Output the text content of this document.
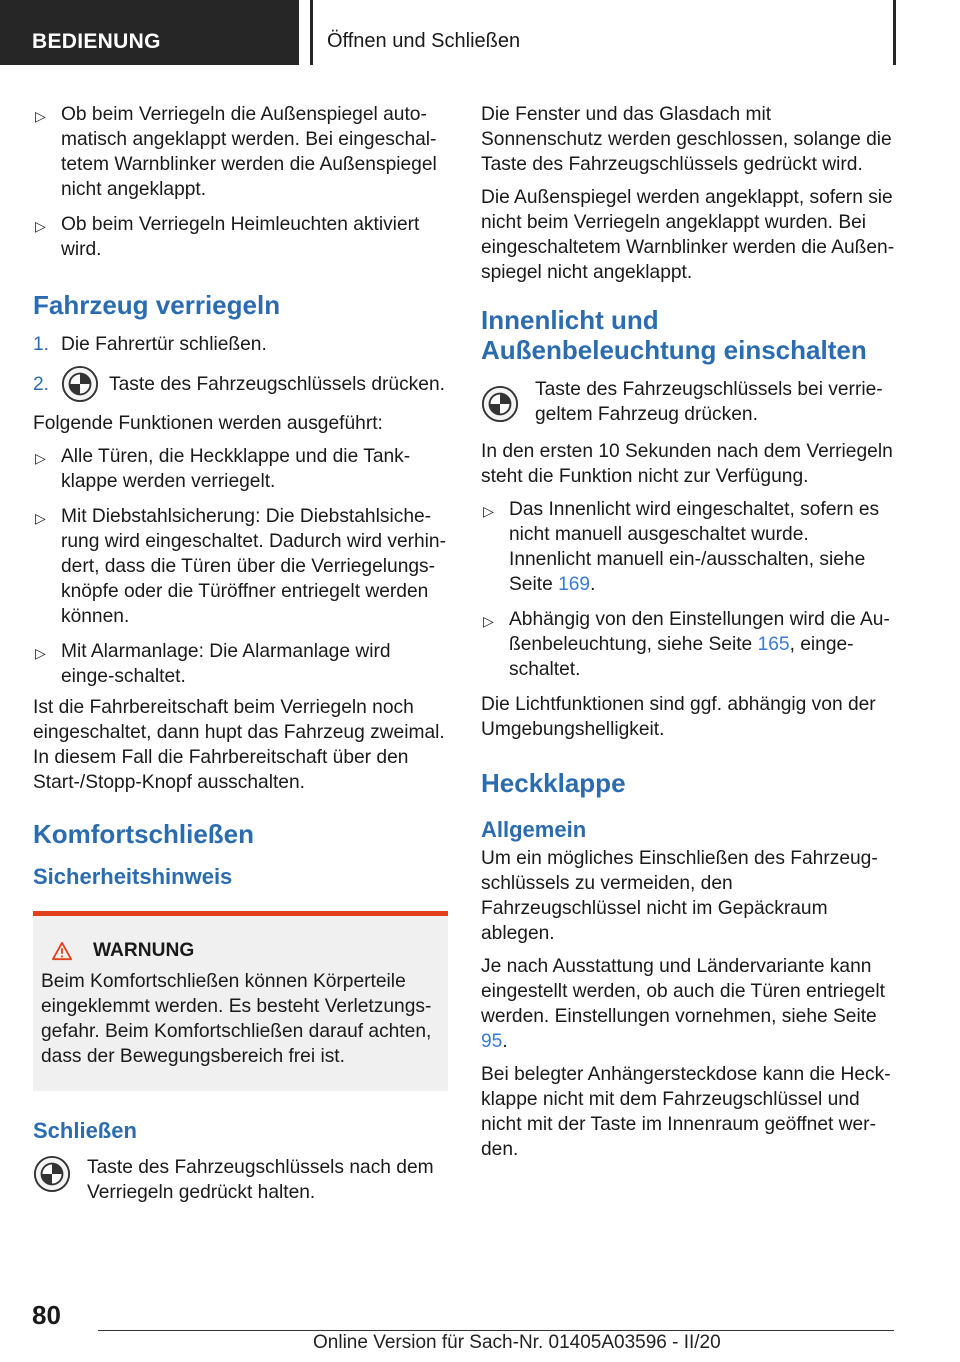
BEDIENUNG	Öffnen und Schließen
▷ Ob beim Verriegeln die Außenspiegel auto-matisch angeklappt werden. Bei eingeschal-tetem Warnblinker werden die Außenspiegel nicht angeklappt.
▷ Ob beim Verriegeln Heimleuchten aktiviert wird.
Fahrzeug verriegeln
1. Die Fahrertür schließen.
2.	Taste des Fahrzeugschlüssels drücken.

Folgende Funktionen werden ausgeführt:

▷ Alle Türen, die Heckklappe und die Tank-klappe werden verriegelt.
▷ Mit Diebstahlsicherung: Die Diebstahlsiche-rung wird eingeschaltet. Dadurch wird verhin-dert, dass die Türen über die Verriegelungs-knöpfe oder die Türöffner entriegelt werden können.
▷ Mit Alarmanlage: Die Alarmanlage wird einge-schaltet.

Ist die Fahrbereitschaft beim Verriegeln noch eingeschaltet, dann hupt das Fahrzeug zweimal. In diesem Fall die Fahrbereitschaft über den Start-/Stopp-Knopf ausschalten.

Komfortschließen
Sicherheitshinweis
WARNUNG
Beim Komfortschließen können Körperteile eingeklemmt werden. Es besteht Verletzungs-gefahr. Beim Komfortschließen darauf achten, dass der Bewegungsbereich frei ist.
Schließen
Taste des Fahrzeugschlüssels nach dem Verriegeln gedrückt halten.

Die Fenster und das Glasdach mit Sonnenschutz werden geschlossen, solange die Taste des Fahrzeugschlüssels gedrückt wird.

Die Außenspiegel werden angeklappt, sofern sie nicht beim Verriegeln angeklappt wurden. Bei eingeschaltetem Warnblinker werden die Außen-spiegel nicht angeklappt.

Innenlicht und Außenbeleuchtung einschalten
Taste des Fahrzeugschlüssels bei verrie-geltem Fahrzeug drücken.

In den ersten 10 Sekunden nach dem Verriegeln steht die Funktion nicht zur Verfügung.

▷ Das Innenlicht wird eingeschaltet, sofern es nicht manuell ausgeschaltet wurde. Innenlicht manuell ein-/ausschalten, siehe Seite 169.
▷ Abhängig von den Einstellungen wird die Au-ßenbeleuchtung, siehe Seite 165, einge-schaltet.

Die Lichtfunktionen sind ggf. abhängig von der Umgebungshelligkeit.

Heckklappe
Allgemein

Um ein mögliches Einschließen des Fahrzeug-schlüssels zu vermeiden, den Fahrzeugschlüssel nicht im Gepäckraum ablegen.

Je nach Ausstattung und Ländervariante kann eingestellt werden, ob auch die Türen entriegelt werden. Einstellungen vornehmen, siehe Seite 95.

Bei belegter Anhängersteckdose kann die Heck-klappe nicht mit dem Fahrzeugschlüssel und nicht mit der Taste im Innenraum geöffnet wer-den.

80
Online Version für Sach-Nr. 01405A03596 - II/20
